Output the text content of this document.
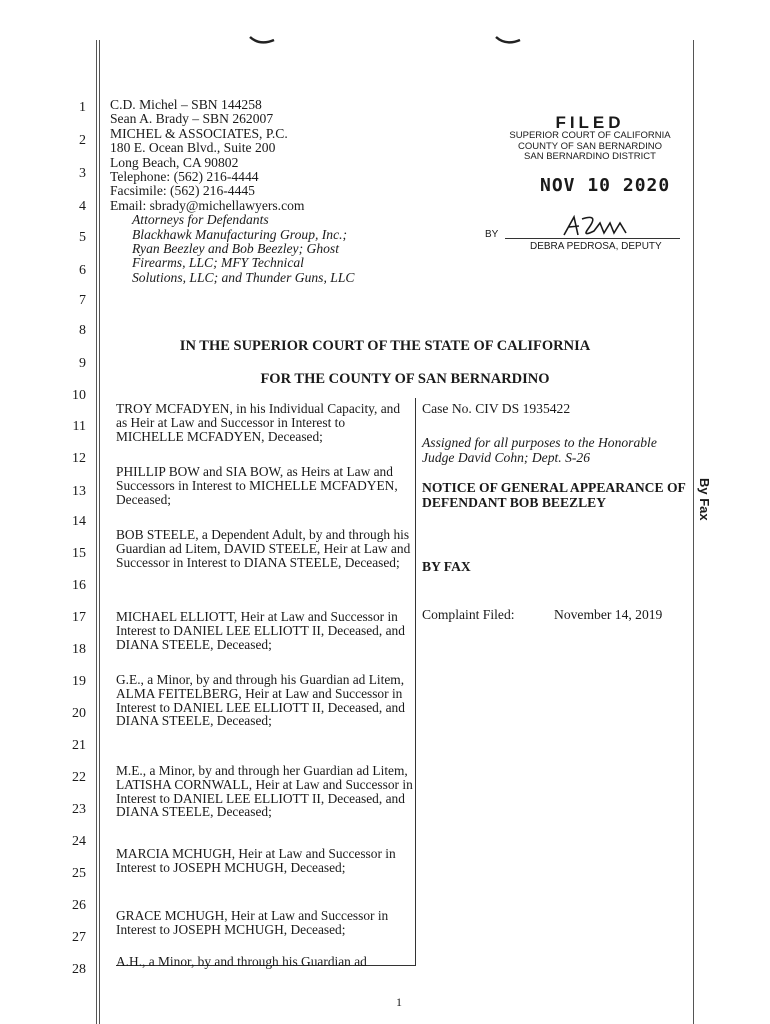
1
2
3
4
5
6
7
8
9
10
11
12
13
14
15
16
17
18
19
20
21
22
23
24
25
26
27
28
C.D. Michel – SBN 144258
Sean A. Brady – SBN 262007
MICHEL & ASSOCIATES, P.C.
180 E. Ocean Blvd., Suite 200
Long Beach, CA 90802
Telephone: (562) 216-4444
Facsimile: (562) 216-4445
Email: sbrady@michellawyers.com
Attorneys for Defendants
Blackhawk Manufacturing Group, Inc.;
Ryan Beezley and Bob Beezley; Ghost
Firearms, LLC; MFY Technical
Solutions, LLC; and Thunder Guns, LLC
FILED
SUPERIOR COURT OF CALIFORNIA
COUNTY OF SAN BERNARDINO
SAN BERNARDINO DISTRICT
NOV 10 2020
BY
DEBRA PEDROSA, DEPUTY
IN THE SUPERIOR COURT OF THE STATE OF CALIFORNIA
FOR THE COUNTY OF SAN BERNARDINO
TROY MCFADYEN, in his Individual Capacity, and as Heir at Law and Successor in Interest to MICHELLE MCFADYEN, Deceased;
PHILLIP BOW and SIA BOW, as Heirs at Law and Successors in Interest to MICHELLE MCFADYEN, Deceased;
BOB STEELE, a Dependent Adult, by and through his Guardian ad Litem, DAVID STEELE, Heir at Law and Successor in Interest to DIANA STEELE, Deceased;
MICHAEL ELLIOTT, Heir at Law and Successor in Interest to DANIEL LEE ELLIOTT II, Deceased, and DIANA STEELE, Deceased;
G.E., a Minor, by and through his Guardian ad Litem, ALMA FEITELBERG, Heir at Law and Successor in Interest to DANIEL LEE ELLIOTT II, Deceased, and DIANA STEELE, Deceased;
M.E., a Minor, by and through her Guardian ad Litem, LATISHA CORNWALL, Heir at Law and Successor in Interest to DANIEL LEE ELLIOTT II, Deceased, and DIANA STEELE, Deceased;
MARCIA MCHUGH, Heir at Law and Successor in Interest to JOSEPH MCHUGH, Deceased;
GRACE MCHUGH, Heir at Law and Successor in Interest to JOSEPH MCHUGH, Deceased;
A.H., a Minor, by and through his Guardian ad
Case No. CIV DS 1935422
Assigned for all purposes to the Honorable Judge David Cohn; Dept. S-26
NOTICE OF GENERAL APPEARANCE OF DEFENDANT BOB BEEZLEY
BY FAX
Complaint Filed:	November 14, 2019
By Fax
1
